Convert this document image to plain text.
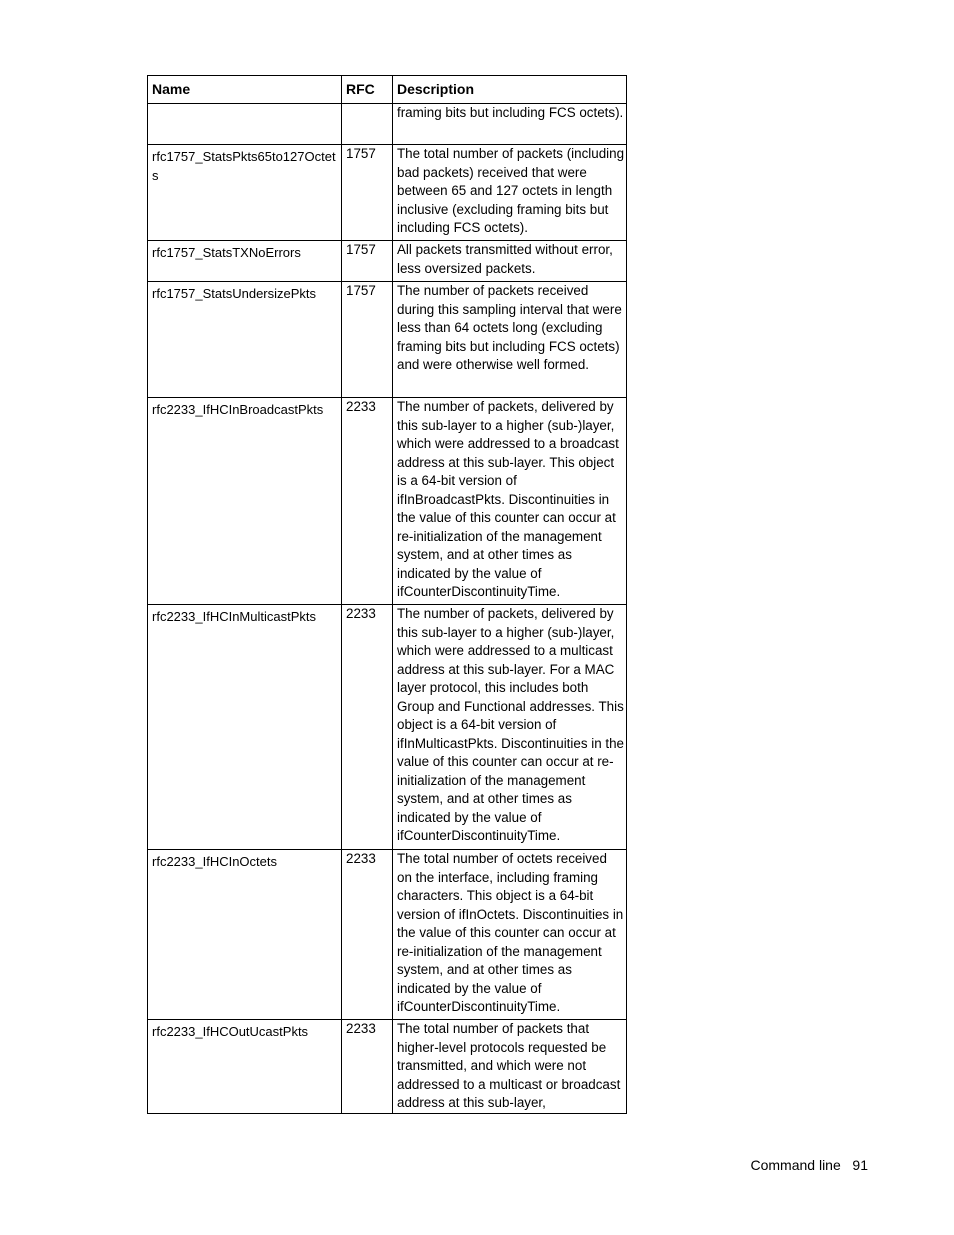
Name	RFC	Description
		framing bits but including FCS octets).
rfc1757_StatsPkts65to127Octets	1757	The total number of packets (including bad packets) received that were between 65 and 127 octets in length inclusive (excluding framing bits but including FCS octets).
rfc1757_StatsTXNoErrors	1757	All packets transmitted without error, less oversized packets.
rfc1757_StatsUndersizePkts	1757	The number of packets received during this sampling interval that were less than 64 octets long (excluding framing bits but including FCS octets) and were otherwise well formed.
rfc2233_IfHCInBroadcastPkts	2233	The number of packets, delivered by this sub-layer to a higher (sub-)layer, which were addressed to a broadcast address at this sub-layer. This object is a 64-bit version of ifInBroadcastPkts. Discontinuities in the value of this counter can occur at re-initialization of the management system, and at other times as indicated by the value of ifCounterDiscontinuityTime.
rfc2233_IfHCInMulticastPkts	2233	The number of packets, delivered by this sub-layer to a higher (sub-)layer, which were addressed to a multicast address at this sub-layer. For a MAC layer protocol, this includes both Group and Functional addresses. This object is a 64-bit version of ifInMulticastPkts. Discontinuities in the value of this counter can occur at re-initialization of the management system, and at other times as indicated by the value of ifCounterDiscontinuityTime.
rfc2233_IfHCInOctets	2233	The total number of octets received on the interface, including framing characters. This object is a 64-bit version of ifInOctets. Discontinuities in the value of this counter can occur at re-initialization of the management system, and at other times as indicated by the value of ifCounterDiscontinuityTime.
rfc2233_IfHCOutUcastPkts	2233	The total number of packets that higher-level protocols requested be transmitted, and which were not addressed to a multicast or broadcast address at this sub-layer,
Command line 91
